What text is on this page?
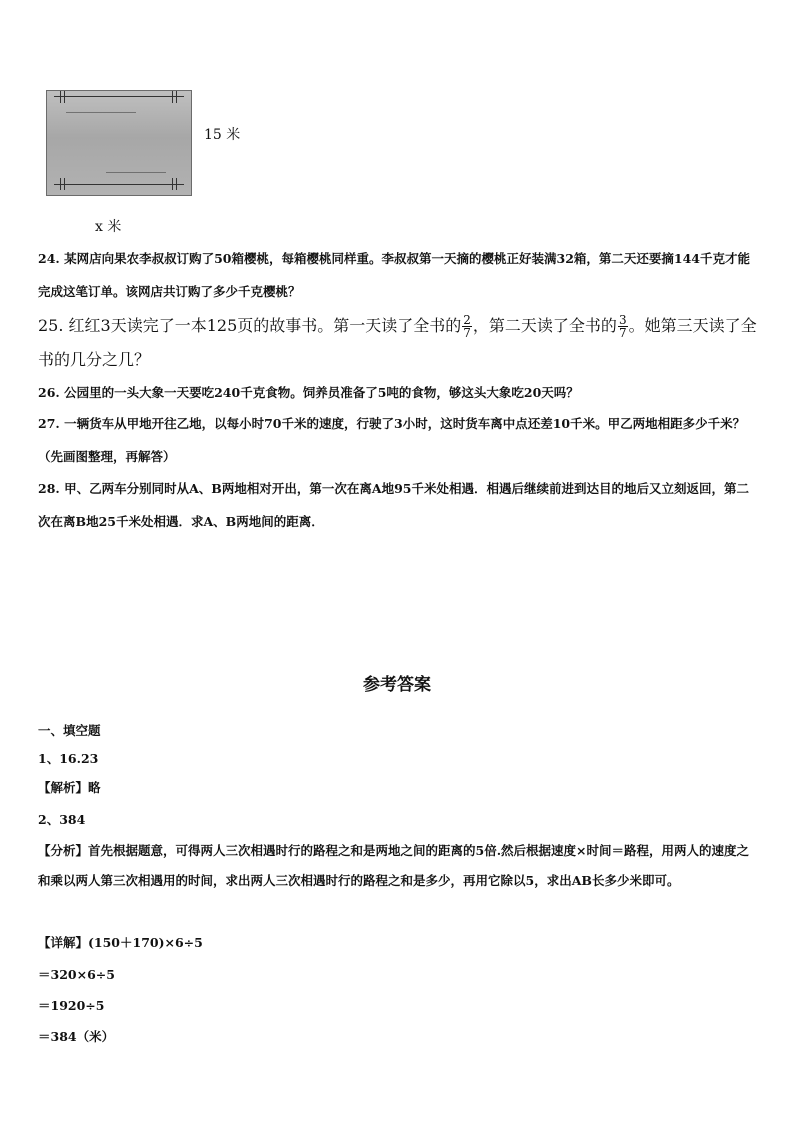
15 米
x 米
24. 某网店向果农李叔叔订购了50箱樱桃，每箱樱桃同样重。李叔叔第一天摘的樱桃正好装满32箱，第二天还要摘144千克才能完成这笔订单。该网店共订购了多少千克樱桃？
25. 红红3天读完了一本125页的故事书。第一天读了全书的 $\frac{2}{7}$ ，第二天读了全书的 $\frac{3}{7}$ 。她第三天读了全书的几分之几？
26. 公园里的一头大象一天要吃240千克食物。饲养员准备了5吨的食物，够这头大象吃20天吗？
27. 一辆货车从甲地开往乙地，以每小时70千米的速度，行驶了3小时，这时货车离中点还差10千米。甲乙两地相距多少千米？（先画图整理，再解答）
28. 甲、乙两车分别同时从A、B两地相对开出，第一次在离A地95千米处相遇．相遇后继续前进到达目的地后又立刻返回，第二次在离B地25千米处相遇．求A、B两地间的距离．
参考答案
一、填空题
1、16.23
【解析】略
2、384
【分析】首先根据题意，可得两人三次相遇时行的路程之和是两地之间的距离的5倍.然后根据速度×时间＝路程，用两人的速度之和乘以两人第三次相遇用的时间，求出两人三次相遇时行的路程之和是多少，再用它除以5，求出AB长多少米即可。
【详解】(150＋170)×6÷5
＝320×6÷5
＝1920÷5
＝384（米）
